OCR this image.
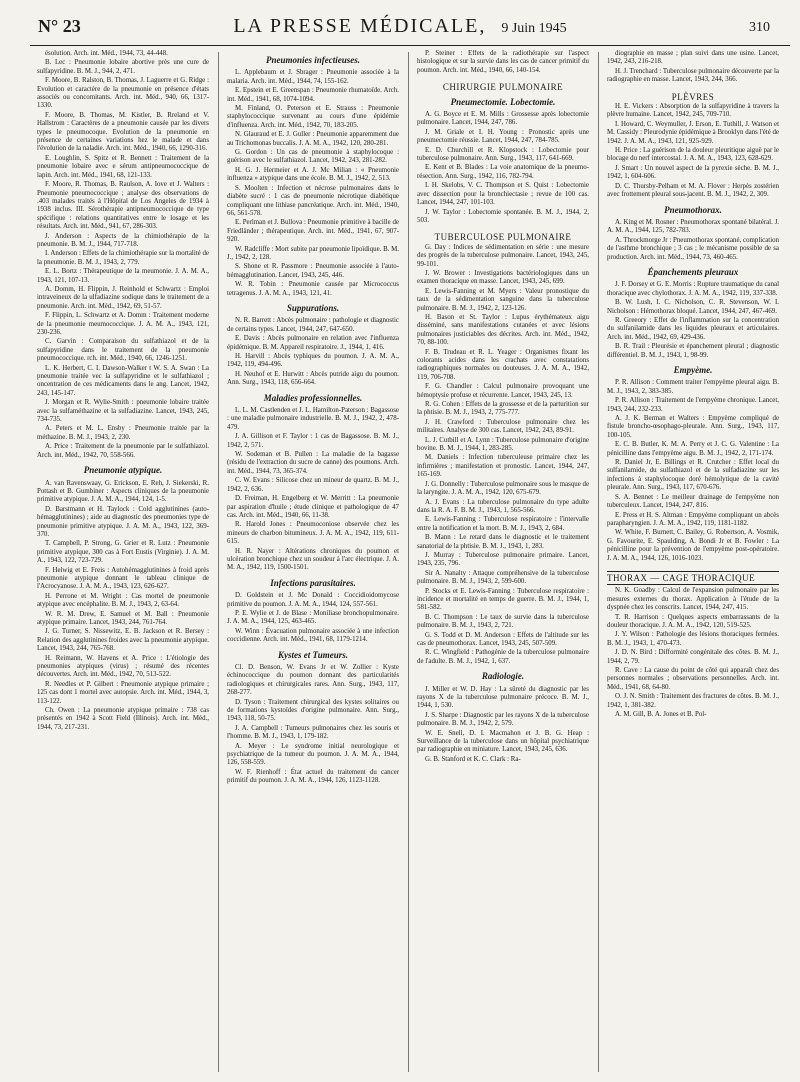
N° 23	LA PRESSE MÉDICALE, 9 Juin 1945	310
ésolution. Arch. int. Méd., 1944, 73, 44-448.
B. Lec : Pneumonie lobaire abortive près une cure de sulfapyridine. B. M. J., 944, 2, 471.
F. Moore, B. Ralston, B. Thomas, J. Laguerre et G. Ridge : Evolution et caractère de la pneumonie en présence d'états associés ou concomitants. Arch. int. Méd., 940, 66, 1317-1330.
F. Moore, B. Thomas, M. Kistler, B. Rreland et V. Hallstrom : Caractères de a pneumonie causée par les divers types le pneumocoque. Evolution de la pneumonie en présence de certaines variations hez le malade et dans l'évolution de la naladie. Arch. int. Méd., 1940, 66, 1290-316.
E. Loughlin, S. Spitz et R. Bennett : Traitement de la pneumonie lobaire avec e sérum antipneumococcique de lapin. Arch. int. Méd., 1941, 68, 121-133.
F. Moore, R. Thomas, B. Raulson, A. Iove et J. Walters : Pneumonie pneumococcique ; analyse des observations de .403 malades traités à l'Hôpital de Los Angeles de 1934 à 1938 inclus. III. Sérothérapie antipneumococcique de type spécifique : relations quantitatives entre le losage et les résultats. Arch. int. Méd., 941, 67, 286-303.
J. Anderson : Aspects de la chimiothérapie de la pneumonie. B. M. J., 1944, 717-718.
I. Anderson : Effets de la chimiothérapie sur la mortalité de la pneumonie. B. M. J., 1943, 2, 779.
E. L. Bortz : Thérapeutique de la meumonie. J. A. M. A., 1943, 121, 107-13.
A. Domm, H. Flippin, J. Reinhold et Schwartz : Emploi intraveineux de la ulfadiazine sodique dans le traitement de a pneumonie. Arch. int. Méd., 1942, 69, 51-57.
F. Flippin, L. Schwartz et A. Domm : Traitement moderne de la pneumonie meumococcique. J. A. M. A., 1943, 121, 230-236.
C. Garvin : Comparaison du sulfathiazol et de la sulfapyridine dans le traitement de la pneumonie pneumococcique. rch. int. Méd., 1940, 66, 1246-1251.
L. K. Herbert, C. I. Dawson-Walker t W. S. A. Swan : La pneumonie traitée vec la sulfapyridine et le sulfathiazol ; oncentration de ces médicaments dans le ang. Lancet, 1942, 243, 145-147.
J. Morgan et R. Wylie-Smith : pneumonie lobaire traitée avec la sulfaméthazine et la sulfadiazine. Lancet, 1943, 245, 734-735.
A. Peters et M. L. Ensby : Pneumonie traitée par la méthazine. B. M. J., 1943, 2, 230.
A. Price : Traitement de la pneumonie par le sulfathiazol. Arch. int. Méd., 1942, 70, 558-566.
Pneumonie atypique.
A. van Ravenswaay, G. Erickson, E. Reh, J. Siekerski, R. Pottash et B. Gumbiner : Aspects cliniques de la pneumonie primitive atypique. J. A. M. A., 1944, 124, 1-5.
D. Barstmann et H. Taylock : Cold agglutinines (auto-hémagglutinines) ; aide au diagnostic des pneumonies type de pneumonie primitive atypique. J. A. M. A., 1943, 122, 369-370.
T. Campbell, P. Strong, G. Grier et R. Lutz : Pneumonie primitive atypique, 300 cas à Fort Eustis (Virginie). J. A. M. A., 1943, 122, 723-729.
F. Helwig et E. Freis : Autohémagglutinines à froid après pneumonie atypique donnant le tableau clinique de l'Acrocyanose. J. A. M. A., 1943, 123, 626-627.
H. Perrone et M. Wright : Cas mortel de pneumonie atypique avec encéphalite. B. M. J., 1943, 2, 63-64.
W. R. M. Drew, E. Samuel et M. Ball : Pneumonie atypique primaire. Lancet, 1943, 244, 761-764.
J. G. Turner, S. Nissewitz, E. B. Jackson et R. Bersey : Relation des agglutinines froides avec la pneumonie atypique. Lancet, 1943, 244, 765-768.
H. Reimann, W. Havens et A. Price : L'étiologie des pneumonies atypiques (virus) ; résumé des récentes découvertes. Arch. int. Méd., 1942, 70, 513-522.
R. Needles et P. Gilbert : Pneumonie atypique primaire ; 125 cas dont 1 mortel avec autopsie. Arch. int. Méd., 1944, 3, 113-122.
Ch. Owen : La pneumonie atypique primaire : 738 cas présentés en 1942 à Scott Field (Illinois). Arch. int. Méd., 1944, 73, 217-231.
Pneumonies infectieuses.
L. Applebaum et J. Sbrager : Pneumonie associée à la malaria. Arch. int. Méd., 1944, 74, 155-162.
E. Epstein et E. Greenspan : Pneumonie rhumatoïde. Arch. int. Méd., 1941, 68, 1074-1094.
M. Finland, O. Peterson et E. Strauss : Pneumonie staphylococcique survenant au cours d'une épidémie d'influenza. Arch. int. Méd., 1942, 70, 183-205.
N. Glauraud et E. J. Guller : Pneumonie apparemment due au Trichomonas buccalis. J. A. M. A., 1942, 120, 280-281.
G. Gordon : Un cas de pneumonie à staphylocoque : guérison avec le sulfathiazol. Lancet, 1942, 243, 281-282.
H. G. J. Hermeier et A. J. Mc Milian : « Pneumonie influenza » atypique dans une école. B. M. J., 1942, 2, 513.
S. Moolten : Infection et nécrose pulmonaires dans le diabète sucré : 1 cas de pneumonie nécrotique diabétique compliquant une lithiase pancréatique. Arch. int. Méd., 1940, 66, 561-578.
E. Perlman et J. Bullova : Pneumonie primitive à bacille de Friedländer ; thérapeutique. Arch. int. Méd., 1941, 67, 907-920.
W. Radcliffe : Mort subite par pneumonie lipoïdique. B. M. J., 1942, 2, 128.
S. Shone et R. Passmore : Pneumonie associée à l'auto-hémagglutination. Lancet, 1943, 245, 446.
W. R. Tobin : Pneumonie causée par Micrococcus tetragenus. J. A. M. A., 1943, 121, 41.
Suppurations.
N. R. Barrett : Abcès pulmonaire : pathologie et diagnostic de certains types. Lancet, 1944, 247, 647-650.
E. Davis : Abcès pulmonaire en relation avec l'influenza épidémique. B. M. Appareil respiratoire. J., 1944, 1, 416.
H. Harvill : Abcès typhiques du poumon. J. A. M. A., 1942, 119, 494-496.
H. Neuhof et E. Hurwitt : Abcès putride aigu du poumon. Ann. Surg., 1943, 118, 656-664.
Maladies professionnelles.
L. L. M. Castlenden et J. L. Hamilton-Paterson : Bagassose : une maladie pulmonaire industrielle. B. M. J., 1942, 2, 478-479.
J. A. Gillison et F. Taylor : 1 cas de Bagassose. B. M. J., 1942, 2, 571.
W. Sodeman et B. Pullen : La maladie de la bagasse (résidu de l'extraction du sucre de canne) des poumons. Arch. int. Méd., 1944, 73, 365-374.
C. W. Evans : Silicose chez un mineur de quartz. B. M. J., 1942, 2, 636.
D. Freiman, H. Engelberg et W. Merritt : La pneumonie par aspiration d'huile ; étude clinique et pathologique de 47 cas. Arch. int. Méd., 1940, 66, 11-38.
R. Harold Jones : Pneumoconiose observée chez les mineurs de charbon bitumineux. J. A. M. A., 1942, 119, 611-615.
H. R. Nayer : Altérations chroniques du poumon et ulcération bronchique chez un soudeur à l'arc électrique. J. A. M. A., 1942, 119, 1500-1501.
Infections parasitaires.
D. Goldstein et J. Mc Donald : Coccidioidomycose primitive du poumon. J. A. M. A., 1944, 124, 557-561.
P. E. Wylie et J. de Blase : Moniliase bronchopulmonaire. J. A. M. A., 1944, 125, 463-465.
W. Winn : Évacuation pulmonaire associée à une infection coccidienne. Arch. int. Méd., 1941, 68, 1179-1214.
Kystes et Tumeurs.
Cl. D. Benson, W. Evans Jr et W. Zollier : Kyste échinococcique du poumon donnant des particularités radiologiques et chirurgicales rares. Ann. Surg., 1943, 117, 268-277.
D. Tyson : Traitement chirurgical des kystes solitaires ou de formations kystoïdes d'origine pulmonaire. Ann. Surg., 1943, 118, 50-75.
J. A. Campbell : Tumeurs pulmonaires chez les souris et l'homme. B. M. J., 1943, 1, 179-182.
A. Meyer : Le syndrome initial neurologique et psychiatrique de la tumeur du poumon. J. A. M. A., 1944, 126, 558-559.
W. F. Rienhoff : État actuel du traitement du cancer primitif du poumon. J. A. M. A., 1944, 126, 1123-1128.
P. Steiner : Effets de la radiothérapie sur l'aspect histologique et sur la survie dans les cas de cancer primitif du poumon. Arch. int. Méd., 1940, 66, 140-154.
CHIRURGIE PULMONAIRE
Pneumectomie. Lobectomie.
A. G. Boyce et E. M. Mills : Grossesse après lobectomie pulmonaire. Lancet, 1944, 247, 786.
J. M. Griale et I. H. Young : Pronostic après une pneumectomie réussie. Lancet, 1944, 247, 784-785.
E. D. Churchill et R. Klopstock : Lobectomie pour tuberculose pulmonaire. Ann. Surg., 1943, 117, 641-669.
E. Kent et B. Blades : La voie anatomique de la pneumo-résection. Ann. Surg., 1942, 116, 782-794.
I. H. Skelobs, V. C. Thompson et S. Quist : Lobectomie avec dissection pour la bronchiectasie ; revue de 100 cas. Lancet, 1944, 247, 101-103.
J. W. Taylor : Lobectomie spontanée. B. M. J., 1944, 2, 503.
TUBERCULOSE PULMONAIRE
G. Day : Indices de sédimentation en série : une mesure des progrès de la tuberculose pulmonaire. Lancet, 1943, 245, 99-101.
J. W. Brower : Investigations bactériologiques dans un examen thoracique en masse. Lancet, 1943, 245, 699.
E. Lewis-Fanning et M. Myers : Valeur pronostique du taux de la sédimentation sanguine dans la tuberculose pulmonaire. B. M. J., 1942, 2, 123-126.
H. Bason et St. Taylor : Lupus érythémateux aigu disséminé, sans manifestations cutanées et avec lésions pulmonaires justiciables des décrites. Arch. int. Méd., 1942, 70, 88-100.
F. B. Trudeau et R. L. Yeager : Organismes fixant les colorants acides dans les crachats avec constatations radiographiques normales ou douteuses. J. A. M. A., 1942, 119, 706-708.
F. G. Chandler : Calcul pulmonaire provoquant une hémoptysie profuse et récurrente. Lancet, 1943, 245, 13.
R. G. Cohen : Effets de la grossesse et de la parturition sur la phtisie. B. M. J., 1943, 2, 775-777.
J. H. Crawford : Tuberculose pulmonaire chez les militaires. Analyse de 300 cas. Lancet, 1942, 243, 89-91.
L. J. Cutbill et A. Lynn : Tuberculose pulmonaire d'origine bovine. B. M. J., 1944, 1, 283-285.
M. Daniels : Infection tuberculeuse primaire chez les infirmières ; manifestation et pronostic. Lancet, 1944, 247, 165-169.
J. G. Donnelly : Tuberculose pulmonaire sous le masque de la laryngite. J. A. M. A., 1942, 120, 675-679.
A. J. Evans : La tuberculose pulmonaire du type adulte dans la R. A. F. B. M. J., 1943, 1, 565-566.
E. Lewis-Fanning : Tuberculose respiratoire : l'intervalle entre la notification et la mort. B. M. J., 1943, 2, 684.
B. Mann : Le retard dans le diagnostic et le traitement sanatorial de la phtisie. B. M. J., 1943, 1, 283.
J. Murray : Tuberculose pulmonaire primaire. Lancet, 1943, 235, 796.
Sir A. Nanalty : Attaque compréhensive de la tuberculose pulmonaire. B. M. J., 1943, 2, 599-600.
P. Stocks et E. Lewis-Fanning : Tuberculose respiratoire : incidence et mortalité en temps de guerre. B. M. J., 1944, 1, 581-582.
B. C. Thompson : Le taux de survie dans la tuberculose pulmonaire. B. M. J., 1943, 2, 721.
G. S. Todd et D. M. Anderson : Effets de l'altitude sur les cas de pneumothorax. Lancet, 1943, 245, 507-509.
R. C. Wingfield : Pathogénie de la tuberculose pulmonaire de l'adulte. B. M. J., 1942, 1, 637.
Radiologie.
J. Miller et W. D. Hay : La sûreté du diagnostic par les rayons X de la tuberculose pulmonaire précoce. B. M. J., 1944, 1, 530.
J. S. Sharpe : Diagnostic par les rayons X de la tuberculose pulmonaire. B. M. J., 1942, 2, 579.
W. E. Snell, D. I. Macmahon et J. B. G. Heap : Surveillance de la tuberculose dans un hôpital psychiatrique par radiographie en miniature. Lancet, 1943, 245, 636.
G. B. Stanford et K. C. Clark : Ra-
diographie en masse ; plan suivi dans une usine. Lancet, 1942, 243, 216-218.
H. J. Trenchard : Tuberculose pulmonaire découverte par la radiographie en masse. Lancet, 1943, 244, 366.
PLÈVRES
H. E. Vickers : Absorption de la sulfapyridine à travers la plèvre humaine. Lancet, 1942, 245, 709-710.
I. Howard, C. Weymuller, J. Erson, E. Tuthill, J. Watson et M. Cassidy : Pleurodynie épidémique à Brooklyn dans l'été de 1942. J. A. M. A., 1943, 121, 925-929.
H. Price : La guérison de la douleur pleuritique aiguë par le blocage du nerf intercostal. J. A. M. A., 1943, 123, 628-629.
J. Smart : Un nouvel aspect de la pyrexie sèche. B. M. J., 1942, 1, 604-606.
D. C. Thursby-Pelham et M. A. Flover : Herpès zostérien avec frottement pleural sous-jacent. B. M. J., 1942, 2, 309.
Pneumothorax.
A. King et M. Rosner : Pneumothorax spontané bilatéral. J. A. M. A., 1944, 125, 782-783.
A. Throckmorge Jr : Pneumothorax spontané, complication de l'asthme bronchique ; 3 cas ; le mécanisme possible de sa production. Arch. int. Méd., 1944, 73, 460-465.
Épanchements pleuraux
J. F. Dorsey et G. E. Morris : Rupture traumatique du canal thoracique avec chylothorax. J. A. M. A., 1942, 119, 337-338.
B. W. Lush, I. C. Nicholson, C. R. Stevenson, W. I. Nicholson : Hémothorax bloqué. Lancet, 1944, 247, 467-469.
R. Greeory : Effet de l'inflammation sur la concentration du sulfanilamide dans les liquides pleuraux et articulaires. Arch. int. Méd., 1942, 69, 429-436.
B. R. Trail : Pleurésie et épanchement pleural ; diagnostic différentiel. B. M. J., 1943, 1, 98-99.
Empyème.
P. R. Allison : Comment traiter l'empyème pleural aigu. B. M. J., 1943, 2, 383-385.
P. R. Allison : Traitement de l'empyème chronique. Lancet, 1943, 244, 232-233.
A. J. K. Berman et Walters : Empyème compliqué de fistule broncho-œsophago-pleurale. Ann. Surg., 1943, 117, 100-105.
E. C. B. Butler, K. M. A. Perry et J. C. G. Valentine : La pénicilline dans l'empyème aigu. B. M. J., 1942, 2, 171-174.
R. Daniel Jr, E. Billings et R. Crutcher : Effet local du sulfanilamide, du sulfathiazol et de la sulfadiazine sur les infections à staphylocoque doré hémolytique de la cavité pleurale. Ann. Surg., 1943, 117, 670-676.
S. A. Bennet : Le meilleur drainage de l'empyème non tuberculeux. Lancet, 1944, 247, 816.
E. Press et H. S. Altman : Empyème compliquant un abcès parapharyngien. J. A. M. A., 1942, 119, 1181-1182.
W. White, F. Burnett, C. Bailey, G. Robertson, A. Vosmik, G. Favourite, E. Spaulding, A. Bondi Jr et B. Fowler : La pénicilline pour la prévention de l'empyème post-opératoire. J. A. M. A., 1944, 126, 1016-1023.
THORAX — CAGE THORACIQUE
N. K. Goadby : Calcul de l'expansion pulmonaire par les mesures externes du thorax. Application à l'étude de la dyspnée chez les conscrits. Lancet, 1944, 247, 415.
T. R. Harrison : Quelques aspects embarrassants de la douleur thoracique. J. A. M. A., 1942, 120, 519-525.
J. Y. Wilson : Pathologie des lésions thoraciques fermées. B. M. J., 1943, 1, 470-473.
J. D. N. Bird : Difformité congénitale des côtes. B. M. J., 1944, 2, 79.
R. Cave : La cause du point de côté qui apparaît chez des personnes normales ; observations personnelles. Arch. int. Méd., 1941, 68, 64-80.
O. J. N. Smith : Traitement des fractures de côtes. B. M. J., 1942, 1, 381-382.
A. M. Gill, B. A. Jones et B. Pol-
